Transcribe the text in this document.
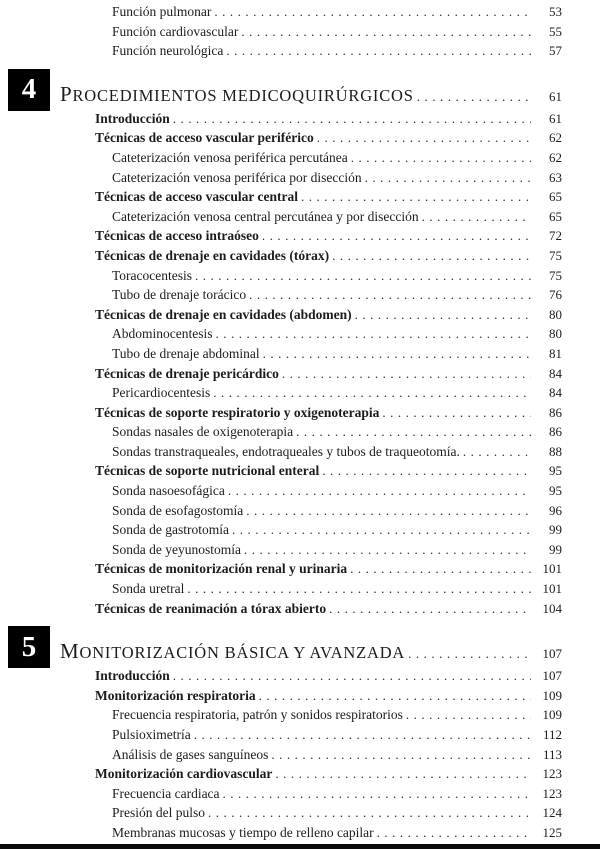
Función pulmonar .....	53
Función cardiovascular .....	55
Función neurológica .....	57
4	PROCEDIMIENTOS MEDICOQUIRÚRGICOS .....	61
Introducción .....	61
Técnicas de acceso vascular periférico .....	62
Cateterización venosa periférica percutánea .....	62
Cateterización venosa periférica por disección .....	63
Técnicas de acceso vascular central .....	65
Cateterización venosa central percutánea y por disección .....	65
Técnicas de acceso intraóseo .....	72
Técnicas de drenaje en cavidades (tórax) .....	75
Toracocentesis .....	75
Tubo de drenaje torácico .....	76
Técnicas de drenaje en cavidades (abdomen) .....	80
Abdominocentesis .....	80
Tubo de drenaje abdominal .....	81
Técnicas de drenaje pericárdico .....	84
Pericardiocentesis .....	84
Técnicas de soporte respiratorio y oxigenoterapia .....	86
Sondas nasales de oxigenoterapia .....	86
Sondas transtraqueales, endotraqueales y tubos de traqueotomía. .....	88
Técnicas de soporte nutricional enteral .....	95
Sonda nasoesofágica .....	95
Sonda de esofagostomía .....	96
Sonda de gastrotomía .....	99
Sonda de yeyunostomía .....	99
Técnicas de monitorización renal y urinaria .....	101
Sonda uretral .....	101
Técnicas de reanimación a tórax abierto .....	104
5	MONITORIZACIÓN BÁSICA Y AVANZADA .....	107
Introducción .....	107
Monitorización respiratoria .....	109
Frecuencia respiratoria, patrón y sonidos respiratorios .....	109
Pulsioximetría .....	112
Análisis de gases sanguíneos .....	113
Monitorización cardiovascular .....	123
Frecuencia cardiaca .....	123
Presión del pulso .....	124
Membranas mucosas y tiempo de relleno capilar .....	125
